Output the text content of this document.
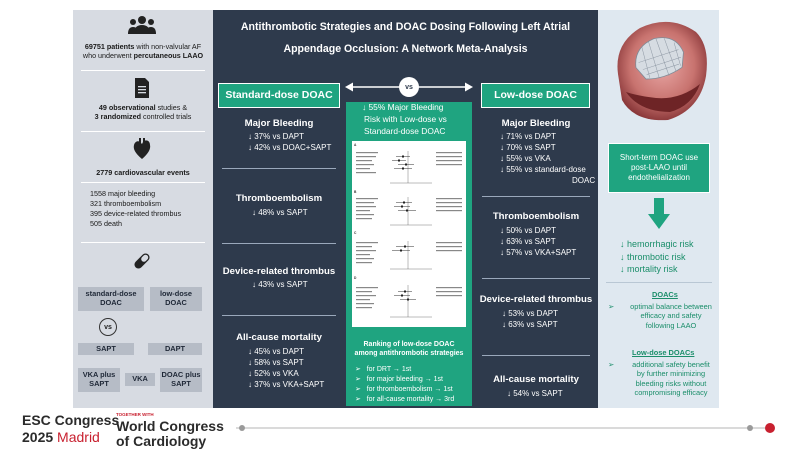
69751 patients with non-valvular AF
who underwent percutaneous LAAO
49 observational studies &
3 randomized controlled trials
2779 cardiovascular events
1558 major bleeding
321 thromboembolism
395 device-related thrombus
505 death
standard-dose DOAC
low-dose DOAC
vs
SAPT	DAPT
VKA plus SAPT
VKA	DOAC plus SAPT
Antithrombotic Strategies and DOAC Dosing Following Left Atrial
Appendage Occlusion: A Network Meta-Analysis
Standard-dose DOAC
Major Bleeding
↓ 37% vs DAPT
↓ 42% vs DOAC+SAPT
Thromboembolism
↓ 48% vs SAPT
Device-related thrombus
↓ 43% vs SAPT
All-cause mortality
↓ 45% vs DAPT
↓ 58% vs SAPT
↓ 52% vs VKA
↓ 37% vs VKA+SAPT
vs
↓ 55% Major Bleeding
Risk with Low-dose vs
Standard-dose DOAC
A
B
C
D
Ranking of low-dose DOAC
among antithrombotic strategies
➢ for DRT → 1st
➢ for major bleeding → 1st
➢ for thromboembolism → 1st
➢ for all-cause mortality → 3rd
Low-dose DOAC
Major Bleeding
↓ 71% vs DAPT
↓ 70% vs SAPT
↓ 55% vs VKA
↓ 55% vs standard-dose
DOAC
Thromboembolism
↓ 50% vs DAPT
↓ 63% vs SAPT
↓ 57% vs VKA+SAPT
Device-related thrombus
↓ 53% vs DAPT
↓ 63% vs SAPT
All-cause mortality
↓ 54% vs SAPT
Short-term DOAC use
post-LAAO until
endothelialization
↓ hemorrhagic risk
↓ thrombotic risk
↓ mortality risk
DOACs
➢	optimal balance between
efficacy and safety
following LAAO
Low-dose DOACs
➢	additional safety benefit
by further minimizing
bleeding risks without
compromising efficacy
ESC Congress
2025 Madrid
TOGETHER WITH
World Congress
of Cardiology
